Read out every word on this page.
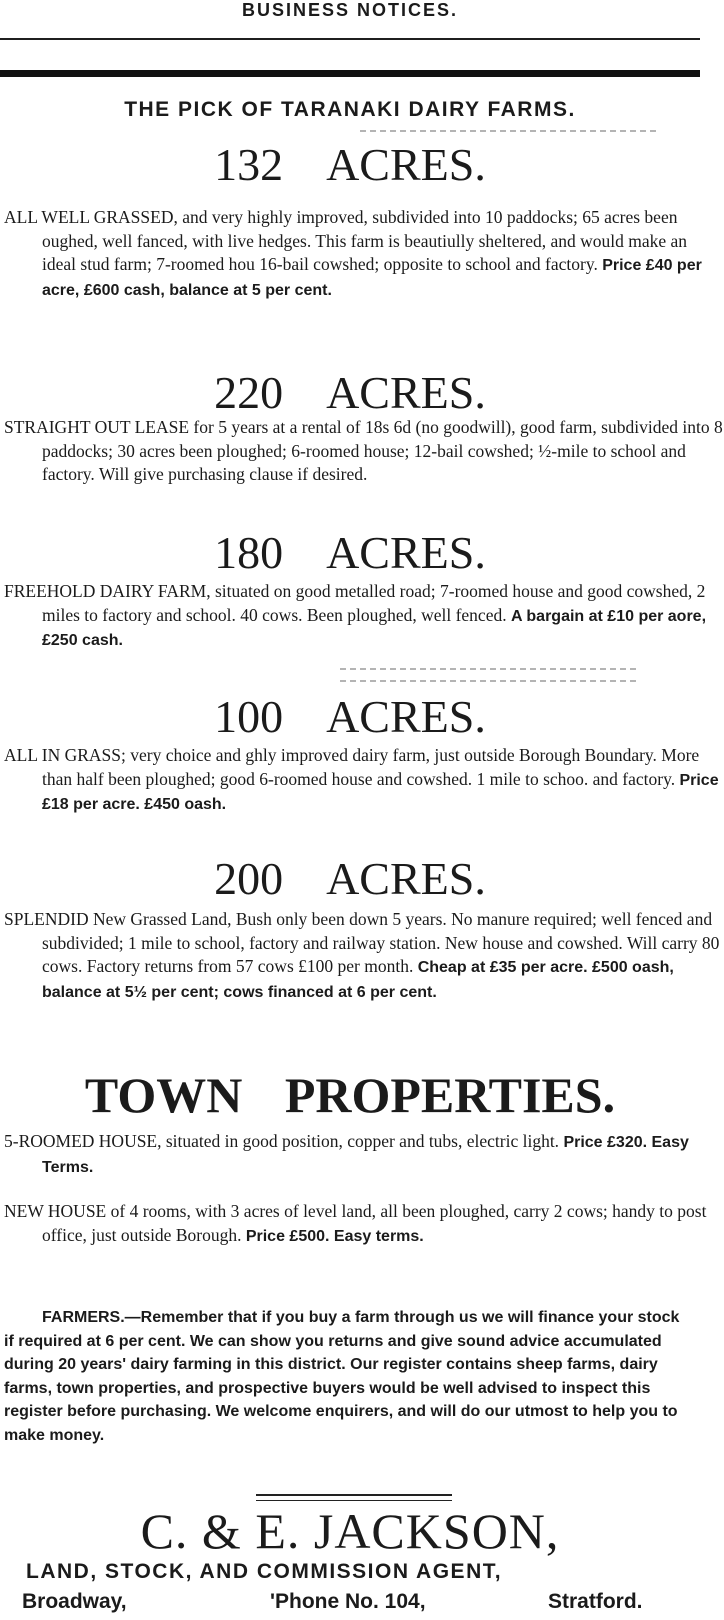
BUSINESS NOTICES.
THE PICK OF TARANAKI DAIRY FARMS.
132 ACRES.
ALL WELL GRASSED, and very highly improved, subdivided into 10 paddocks; 65 acres been oughed, well fanced, with live hedges. This farm is beautiully sheltered, and would make an ideal stud farm; 7-roomed hou 16-bail cowshed; opposite to school and factory. Price £40 per acre, £600 cash, balance at 5 per cent.
220 ACRES.
STRAIGHT OUT LEASE for 5 years at a rental of 18s 6d (no goodwill), good farm, subdivided into 8 paddocks; 30 acres been ploughed; 6-roomed house; 12-bail cowshed; ½-mile to school and factory. Will give purchasing clause if desired.
180 ACRES.
FREEHOLD DAIRY FARM, situated on good metalled road; 7-roomed house and good cowshed, 2 miles to factory and school. 40 cows. Been ploughed, well fenced. A bargain at £10 per aore, £250 cash.
100 ACRES.
ALL IN GRASS; very choice and ghly improved dairy farm, just outside Borough Boundary. More than half been ploughed; good 6-roomed house and cowshed. 1 mile to schoo. and factory. Price £18 per acre. £450 oash.
200 ACRES.
SPLENDID New Grassed Land, Bush only been down 5 years. No manure required; well fenced and subdivided; 1 mile to school, factory and railway station. New house and cowshed. Will carry 80 cows. Factory returns from 57 cows £100 per month. Cheap at £35 per acre. £500 oash, balance at 5½ per cent; cows financed at 6 per cent.
TOWN PROPERTIES.
5-ROOMED HOUSE, situated in good position, copper and tubs, electric light. Price £320. Easy Terms.
NEW HOUSE of 4 rooms, with 3 acres of level land, all been ploughed, carry 2 cows; handy to post office, just outside Borough. Price £500. Easy terms.
FARMERS.—Remember that if you buy a farm through us we will finance your stock if required at 6 per cent. We can show you returns and give sound advice accumulated during 20 years' dairy farming in this district. Our register contains sheep farms, dairy farms, town properties, and prospective buyers would be well advised to inspect this register before purchasing. We welcome enquirers, and will do our utmost to help you to make money.
C. & E. JACKSON,
LAND, STOCK, AND COMMISSION AGENT,
Broadway,	'Phone No. 104,	Stratford.
